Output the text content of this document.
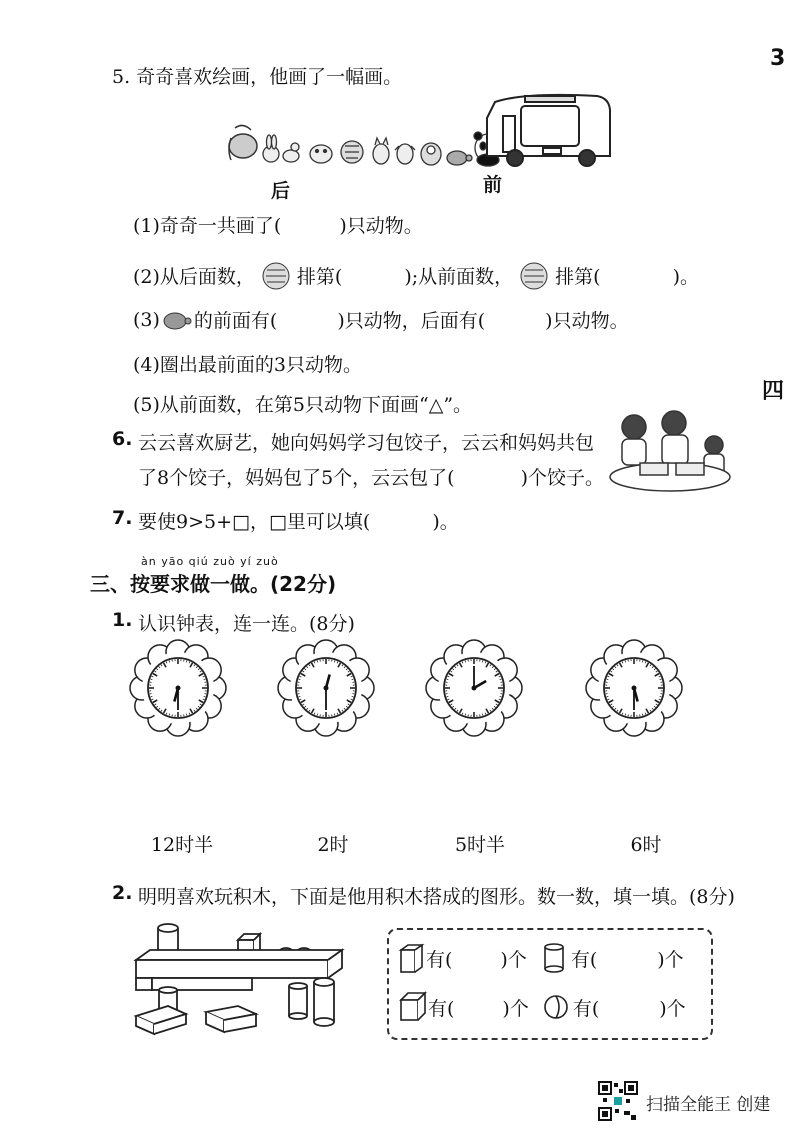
3
四
5. 奇奇喜欢绘画，他画了一幅画。
后	前
(1)奇奇一共画了(	)只动物。
(2)从后面数， 排第(	);从前面数， 排第(	)。
(3) 的前面有(	)只动物，后面有(	)只动物。
(4)圈出最前面的3只动物。
(5)从前面数，在第5只动物下面画“△”。
6. 云云喜欢厨艺，她向妈妈学习包饺子，云云和妈妈共包
了8个饺子，妈妈包了5个，云云包了(	)个饺子。
7. 要使9>5+□，□里可以填(	)。
àn yāo qiú zuò yí zuò
三、按要求做一做。(22分)
1. 认识钟表，连一连。(8分)
12时半	2时	5时半	6时
2. 明明喜欢玩积木，下面是他用积木搭成的图形。数一数，填一填。(8分)
有(	)个 有(	)个
有(	)个 有(	)个
扫描全能王 创建
